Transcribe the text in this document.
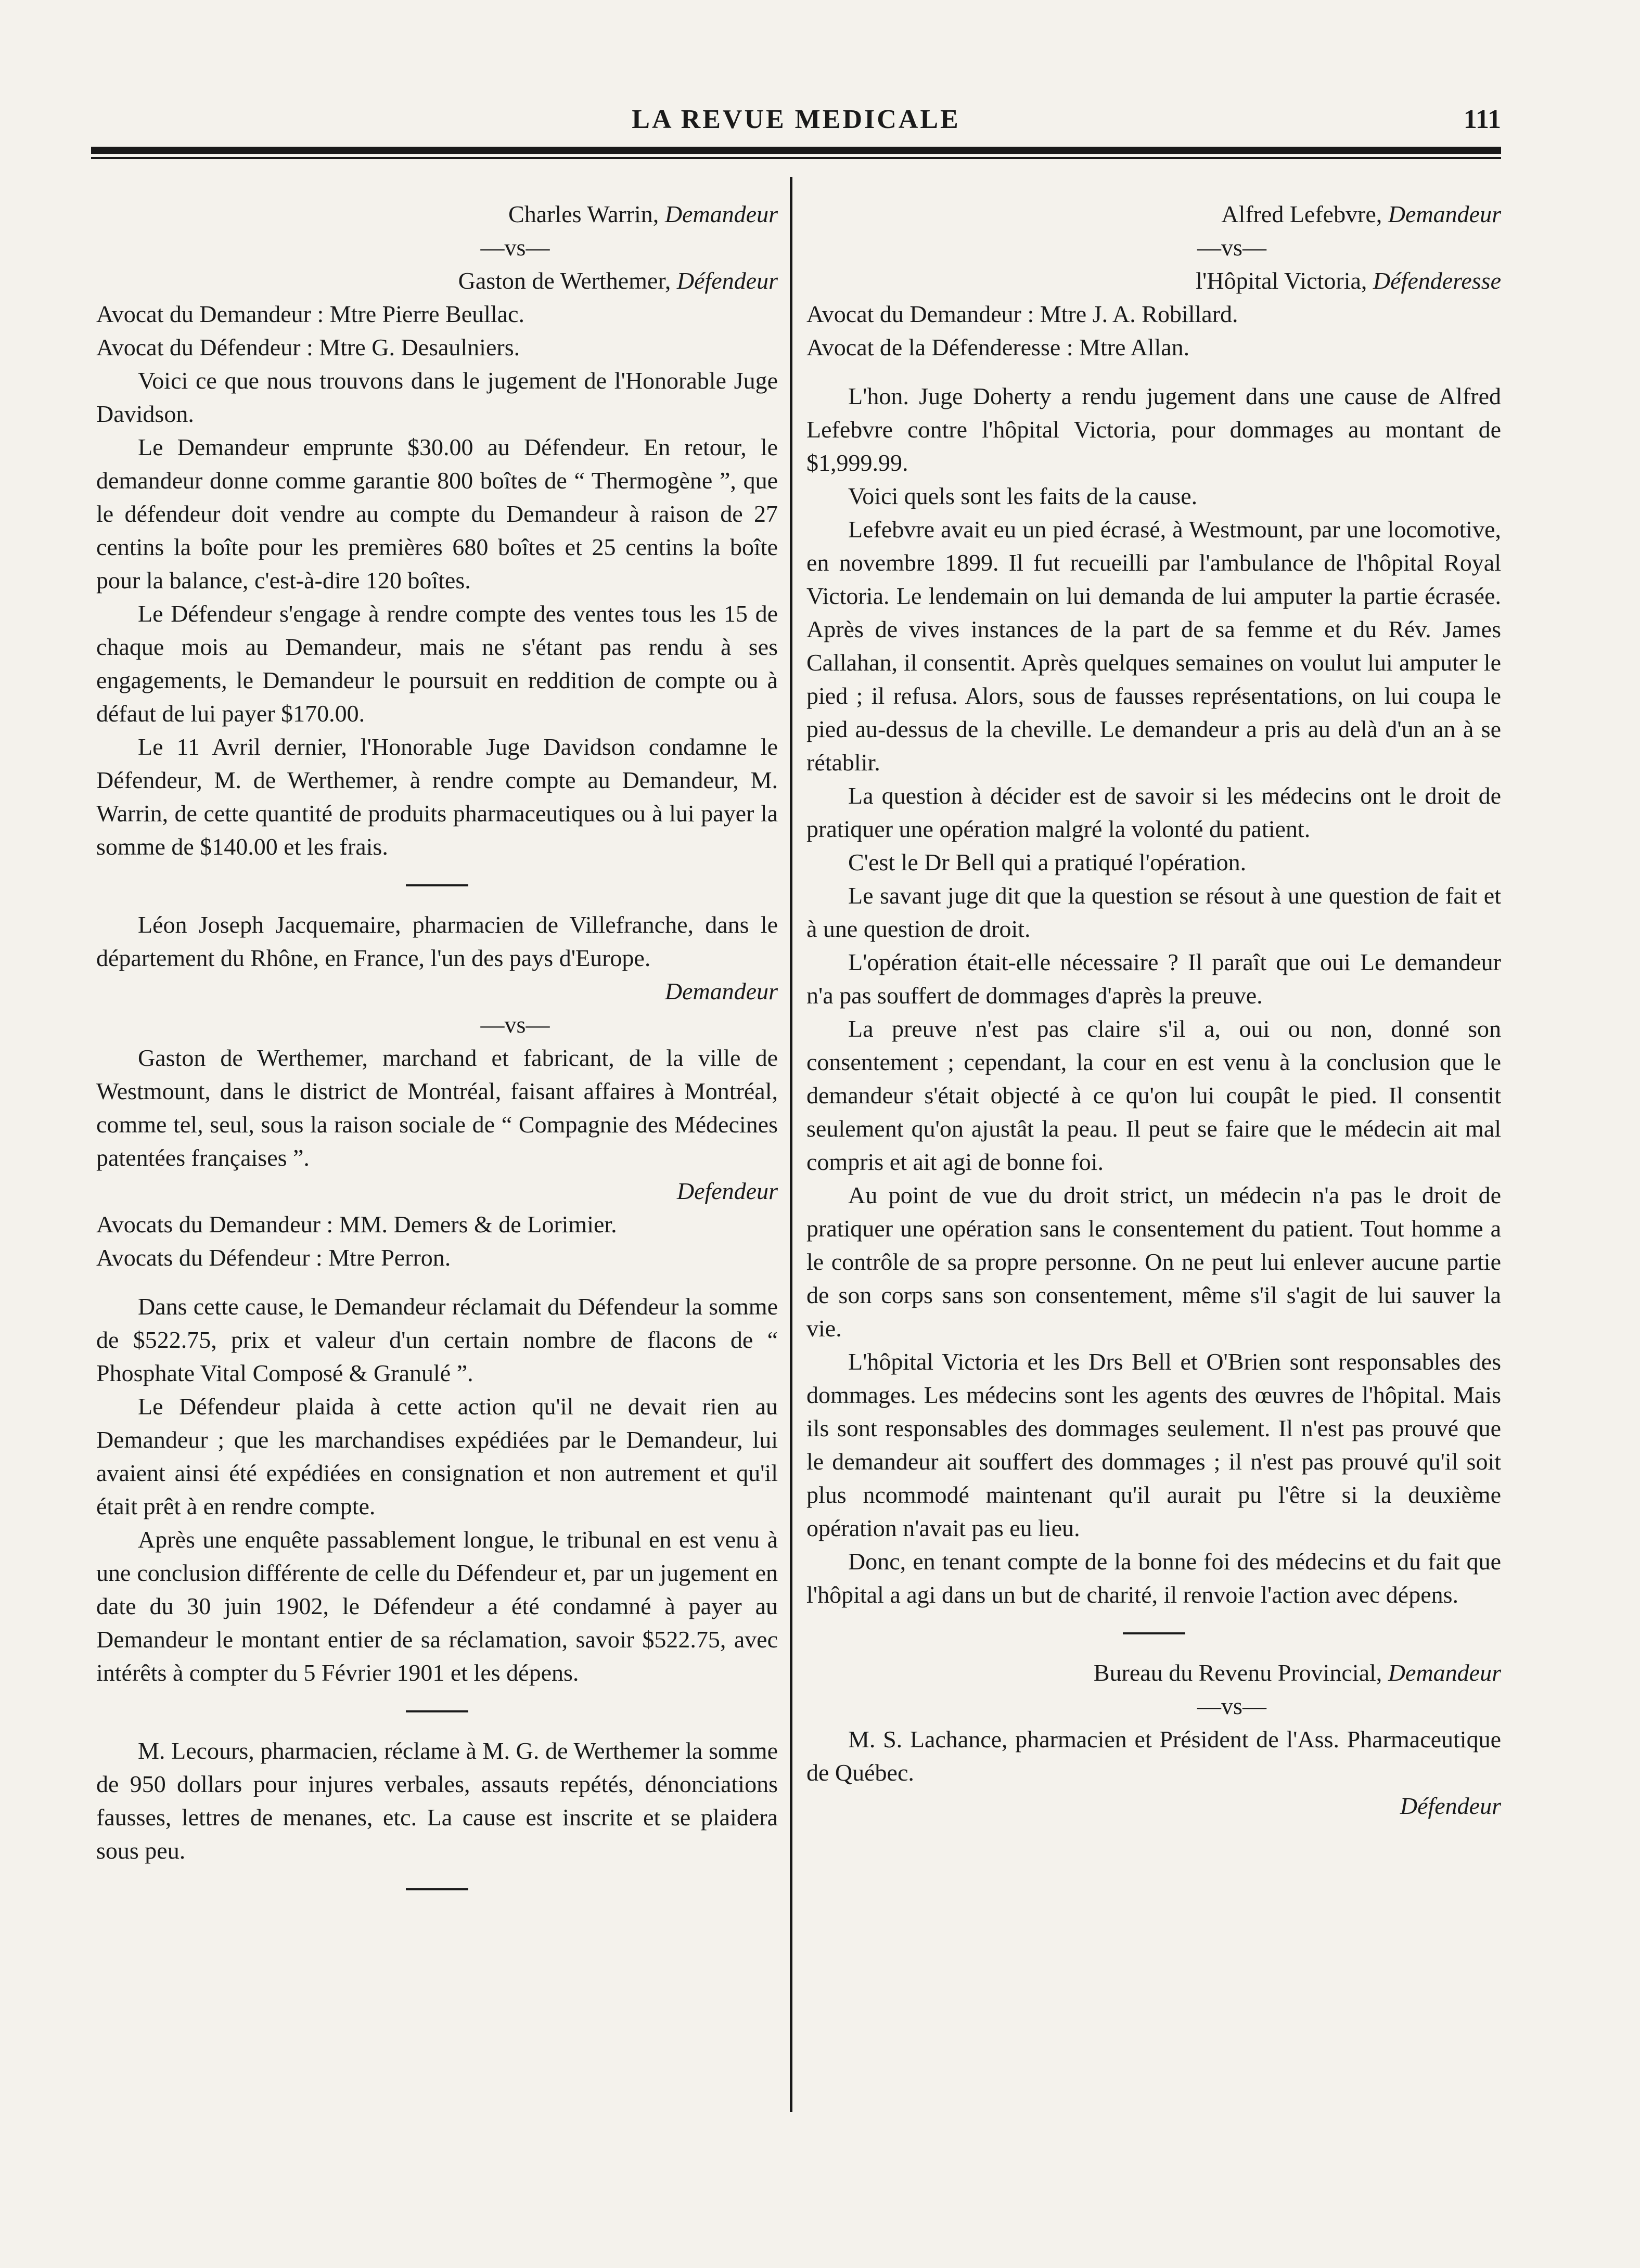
LA REVUE MEDICALE	111

Charles Warrin, Demandeur

—vs—

Gaston de Werthemer, Défendeur

Avocat du Demandeur : Mtre Pierre Beullac.

Avocat du Défendeur : Mtre G. Desaulniers.

Voici ce que nous trouvons dans le jugement de l'Honorable Juge Davidson.

Le Demandeur emprunte $30.00 au Défendeur. En retour, le demandeur donne comme garantie 800 boîtes de “ Thermogène ”, que le défendeur doit vendre au compte du Demandeur à raison de 27 centins la boîte pour les premières 680 boîtes et 25 centins la boîte pour la balance, c'est-à-dire 120 boîtes.

Le Défendeur s'engage à rendre compte des ventes tous les 15 de chaque mois au Demandeur, mais ne s'étant pas rendu à ses engagements, le Demandeur le poursuit en reddition de compte ou à défaut de lui payer $170.00.

Le 11 Avril dernier, l'Honorable Juge Davidson condamne le Défendeur, M. de Werthemer, à rendre compte au Demandeur, M. Warrin, de cette quantité de produits pharmaceutiques ou à lui payer la somme de $140.00 et les frais.

Léon Joseph Jacquemaire, pharmacien de Villefranche, dans le département du Rhône, en France, l'un des pays d'Europe.

Demandeur

—vs—

Gaston de Werthemer, marchand et fabricant, de la ville de Westmount, dans le district de Montréal, faisant affaires à Montréal, comme tel, seul, sous la raison sociale de “ Compagnie des Médecines patentées françaises ”.

Defendeur

Avocats du Demandeur : MM. Demers & de Lorimier.

Avocats du Défendeur : Mtre Perron.

Dans cette cause, le Demandeur réclamait du Défendeur la somme de $522.75, prix et valeur d'un certain nombre de flacons de “ Phosphate Vital Composé & Granulé ”.

Le Défendeur plaida à cette action qu'il ne devait rien au Demandeur ; que les marchandises expédiées par le Demandeur, lui avaient ainsi été expédiées en consignation et non autrement et qu'il était prêt à en rendre compte.

Après une enquête passablement longue, le tribunal en est venu à une conclusion différente de celle du Défendeur et, par un jugement en date du 30 juin 1902, le Défendeur a été condamné à payer au Demandeur le montant entier de sa réclamation, savoir $522.75, avec intérêts à compter du 5 Février 1901 et les dépens.

M. Lecours, pharmacien, réclame à M. G. de Werthemer la somme de 950 dollars pour injures verbales, assauts repétés, dénonciations fausses, lettres de menanes, etc. La cause est inscrite et se plaidera sous peu.

Alfred Lefebvre, Demandeur

—vs—

l'Hôpital Victoria, Défenderesse

Avocat du Demandeur : Mtre J. A. Robillard.

Avocat de la Défenderesse : Mtre Allan.

L'hon. Juge Doherty a rendu jugement dans une cause de Alfred Lefebvre contre l'hôpital Victoria, pour dommages au montant de $1,999.99.

Voici quels sont les faits de la cause.

Lefebvre avait eu un pied écrasé, à Westmount, par une locomotive, en novembre 1899. Il fut recueilli par l'ambulance de l'hôpital Royal Victoria. Le lendemain on lui demanda de lui amputer la partie écrasée. Après de vives instances de la part de sa femme et du Rév. James Callahan, il consentit. Après quelques semaines on voulut lui amputer le pied ; il refusa. Alors, sous de fausses représentations, on lui coupa le pied au-dessus de la cheville. Le demandeur a pris au delà d'un an à se rétablir.

La question à décider est de savoir si les médecins ont le droit de pratiquer une opération malgré la volonté du patient.

C'est le Dr Bell qui a pratiqué l'opération.

Le savant juge dit que la question se résout à une question de fait et à une question de droit.

L'opération était-elle nécessaire ? Il paraît que oui Le demandeur n'a pas souffert de dommages d'après la preuve.

La preuve n'est pas claire s'il a, oui ou non, donné son consentement ; cependant, la cour en est venu à la conclusion que le demandeur s'était objecté à ce qu'on lui coupât le pied. Il consentit seulement qu'on ajustât la peau. Il peut se faire que le médecin ait mal compris et ait agi de bonne foi.

Au point de vue du droit strict, un médecin n'a pas le droit de pratiquer une opération sans le consentement du patient. Tout homme a le contrôle de sa propre personne. On ne peut lui enlever aucune partie de son corps sans son consentement, même s'il s'agit de lui sauver la vie.

L'hôpital Victoria et les Drs Bell et O'Brien sont responsables des dommages. Les médecins sont les agents des œuvres de l'hôpital. Mais ils sont responsables des dommages seulement. Il n'est pas prouvé que le demandeur ait souffert des dommages ; il n'est pas prouvé qu'il soit plus ncommodé maintenant qu'il aurait pu l'être si la deuxième opération n'avait pas eu lieu.

Donc, en tenant compte de la bonne foi des médecins et du fait que l'hôpital a agi dans un but de charité, il renvoie l'action avec dépens.

Bureau du Revenu Provincial, Demandeur

—vs—

M. S. Lachance, pharmacien et Président de l'Ass. Pharmaceutique de Québec.

Défendeur
